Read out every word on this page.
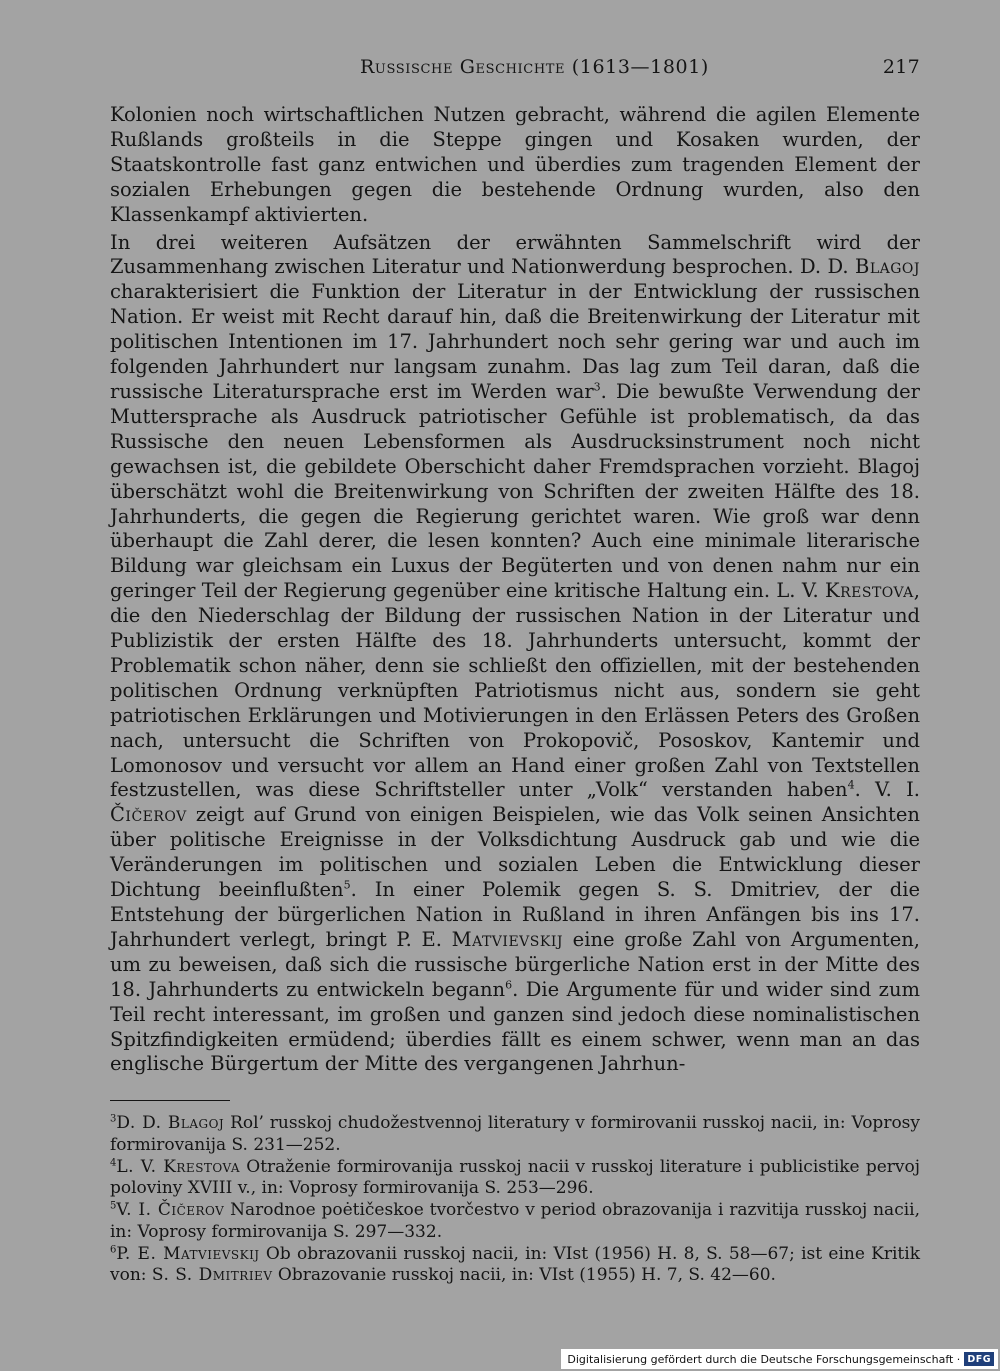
Russische Geschichte (1613—1801)	217

Kolonien noch wirtschaftlichen Nutzen gebracht, während die agilen Elemente Rußlands großteils in die Steppe gingen und Kosaken wurden, der Staatskontrolle fast ganz entwichen und überdies zum tragenden Element der sozialen Erhebungen gegen die bestehende Ordnung wurden, also den Klassenkampf aktivierten.

In drei weiteren Aufsätzen der erwähnten Sammelschrift wird der Zusammenhang zwischen Literatur und Nationwerdung besprochen. D. D. Blagoj charakterisiert die Funktion der Literatur in der Entwicklung der russischen Nation. Er weist mit Recht darauf hin, daß die Breitenwirkung der Literatur mit politischen Intentionen im 17. Jahrhundert noch sehr gering war und auch im folgenden Jahrhundert nur langsam zunahm. Das lag zum Teil daran, daß die russische Literatursprache erst im Werden war$^3$. Die bewußte Verwendung der Muttersprache als Ausdruck patriotischer Gefühle ist problematisch, da das Russische den neuen Lebensformen als Ausdrucksinstrument noch nicht gewachsen ist, die gebildete Oberschicht daher Fremdsprachen vorzieht. Blagoj überschätzt wohl die Breitenwirkung von Schriften der zweiten Hälfte des 18. Jahrhunderts, die gegen die Regierung gerichtet waren. Wie groß war denn überhaupt die Zahl derer, die lesen konnten? Auch eine minimale literarische Bildung war gleichsam ein Luxus der Begüterten und von denen nahm nur ein geringer Teil der Regierung gegenüber eine kritische Haltung ein. L. V. Krestova, die den Niederschlag der Bildung der russischen Nation in der Literatur und Publizistik der ersten Hälfte des 18. Jahrhunderts untersucht, kommt der Problematik schon näher, denn sie schließt den offiziellen, mit der bestehenden politischen Ordnung verknüpften Patriotismus nicht aus, sondern sie geht patriotischen Erklärungen und Motivierungen in den Erlässen Peters des Großen nach, untersucht die Schriften von Prokopovič, Pososkov, Kantemir und Lomonosov und versucht vor allem an Hand einer großen Zahl von Textstellen festzustellen, was diese Schriftsteller unter „Volk“ verstanden haben$^4$. V. I. Čičerov zeigt auf Grund von einigen Beispielen, wie das Volk seinen Ansichten über politische Ereignisse in der Volksdichtung Ausdruck gab und wie die Veränderungen im politischen und sozialen Leben die Entwicklung dieser Dichtung beeinflußten$^5$. In einer Polemik gegen S. S. Dmitriev, der die Entstehung der bürgerlichen Nation in Rußland in ihren Anfängen bis ins 17. Jahrhundert verlegt, bringt P. E. Matvievskij eine große Zahl von Argumenten, um zu beweisen, daß sich die russische bürgerliche Nation erst in der Mitte des 18. Jahrhunderts zu entwickeln begann$^6$. Die Argumente für und wider sind zum Teil recht interessant, im großen und ganzen sind jedoch diese nominalistischen Spitzfindigkeiten ermüdend; überdies fällt es einem schwer, wenn man an das englische Bürgertum der Mitte des vergangenen Jahrhun-

$^3$D. D. Blagoj Rol’ russkoj chudožestvennoj literatury v formirovanii russkoj nacii, in: Voprosy formirovanija S. 231—252.

$^4$L. V. Krestova Otraženie formirovanija russkoj nacii v russkoj literature i publicistike pervoj poloviny XVIII v., in: Voprosy formirovanija S. 253—296.

$^5$V. I. Čičerov Narodnoe poėtičeskoe tvorčestvo v period obrazovanija i razvitija russkoj nacii, in: Voprosy formirovanija S. 297—332.

$^6$P. E. Matvievskij Ob obrazovanii russkoj nacii, in: VIst (1956) H. 8, S. 58—67; ist eine Kritik von: S. S. Dmitriev Obrazovanie russkoj nacii, in: VIst (1955) H. 7, S. 42—60.

Digitalisierung gefördert durch die Deutsche Forschungsgemeinschaft · DFG
